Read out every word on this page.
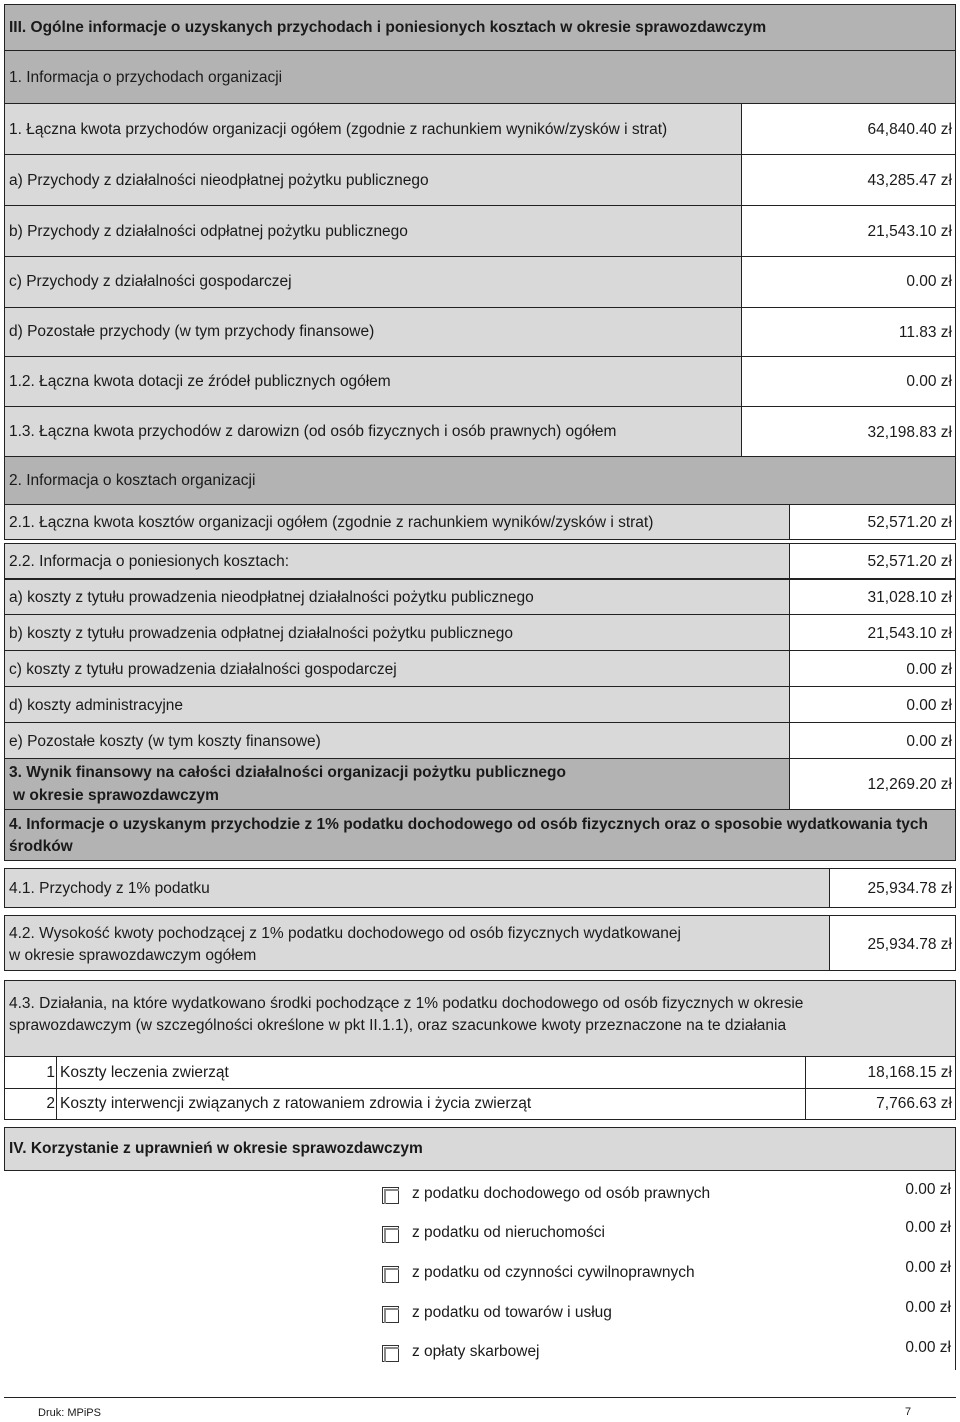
III. Ogólne informacje o uzyskanych przychodach i poniesionych kosztach w okresie sprawozdawczym
1. Informacja o przychodach organizacji
1. Łączna kwota przychodów organizacji ogółem (zgodnie z rachunkiem wyników/zysków i strat)	64,840.40 zł
a) Przychody z działalności nieodpłatnej pożytku publicznego	43,285.47 zł
b) Przychody z działalności odpłatnej pożytku publicznego	21,543.10 zł
c) Przychody z działalności gospodarczej	0.00 zł
d) Pozostałe przychody (w tym przychody finansowe)	11.83 zł
1.2. Łączna kwota dotacji ze źródeł publicznych ogółem	0.00 zł
1.3. Łączna kwota przychodów z darowizn (od osób fizycznych i osób prawnych) ogółem	32,198.83 zł
2. Informacja o kosztach organizacji
2.1. Łączna kwota kosztów organizacji ogółem (zgodnie z rachunkiem wyników/zysków i strat)	52,571.20 zł
2.2. Informacja o poniesionych kosztach:	52,571.20 zł
a) koszty z tytułu prowadzenia nieodpłatnej działalności pożytku publicznego	31,028.10 zł
b) koszty z tytułu prowadzenia odpłatnej działalności pożytku publicznego	21,543.10 zł
c) koszty z tytułu prowadzenia działalności gospodarczej	0.00 zł
d) koszty administracyjne	0.00 zł
e) Pozostałe koszty (w tym koszty finansowe)	0.00 zł
3. Wynik finansowy na całości działalności organizacji pożytku publicznego
w okresie sprawozdawczym
12,269.20 zł
4. Informacje o uzyskanym przychodzie z 1% podatku dochodowego od osób fizycznych oraz o sposobie wydatkowania tych środków
4.1. Przychody z 1% podatku	25,934.78 zł
4.2. Wysokość kwoty pochodzącej z 1% podatku dochodowego od osób fizycznych wydatkowanej
w okresie sprawozdawczym ogółem
25,934.78 zł
4.3. Działania, na które wydatkowano środki pochodzące z 1% podatku dochodowego od osób fizycznych w okresie
sprawozdawczym (w szczególności określone w pkt II.1.1), oraz szacunkowe kwoty przeznaczone na te działania
1 Koszty leczenia zwierząt	18,168.15 zł
2 Koszty interwencji związanych z ratowaniem zdrowia i życia zwierząt	7,766.63 zł
IV. Korzystanie z uprawnień w okresie sprawozdawczym
z podatku dochodowego od osób prawnych	0.00 zł
z podatku od nieruchomości	0.00 zł
z podatku od czynności cywilnoprawnych	0.00 zł
z podatku od towarów i usług	0.00 zł
z opłaty skarbowej	0.00 zł
Druk: MPiPS	7
